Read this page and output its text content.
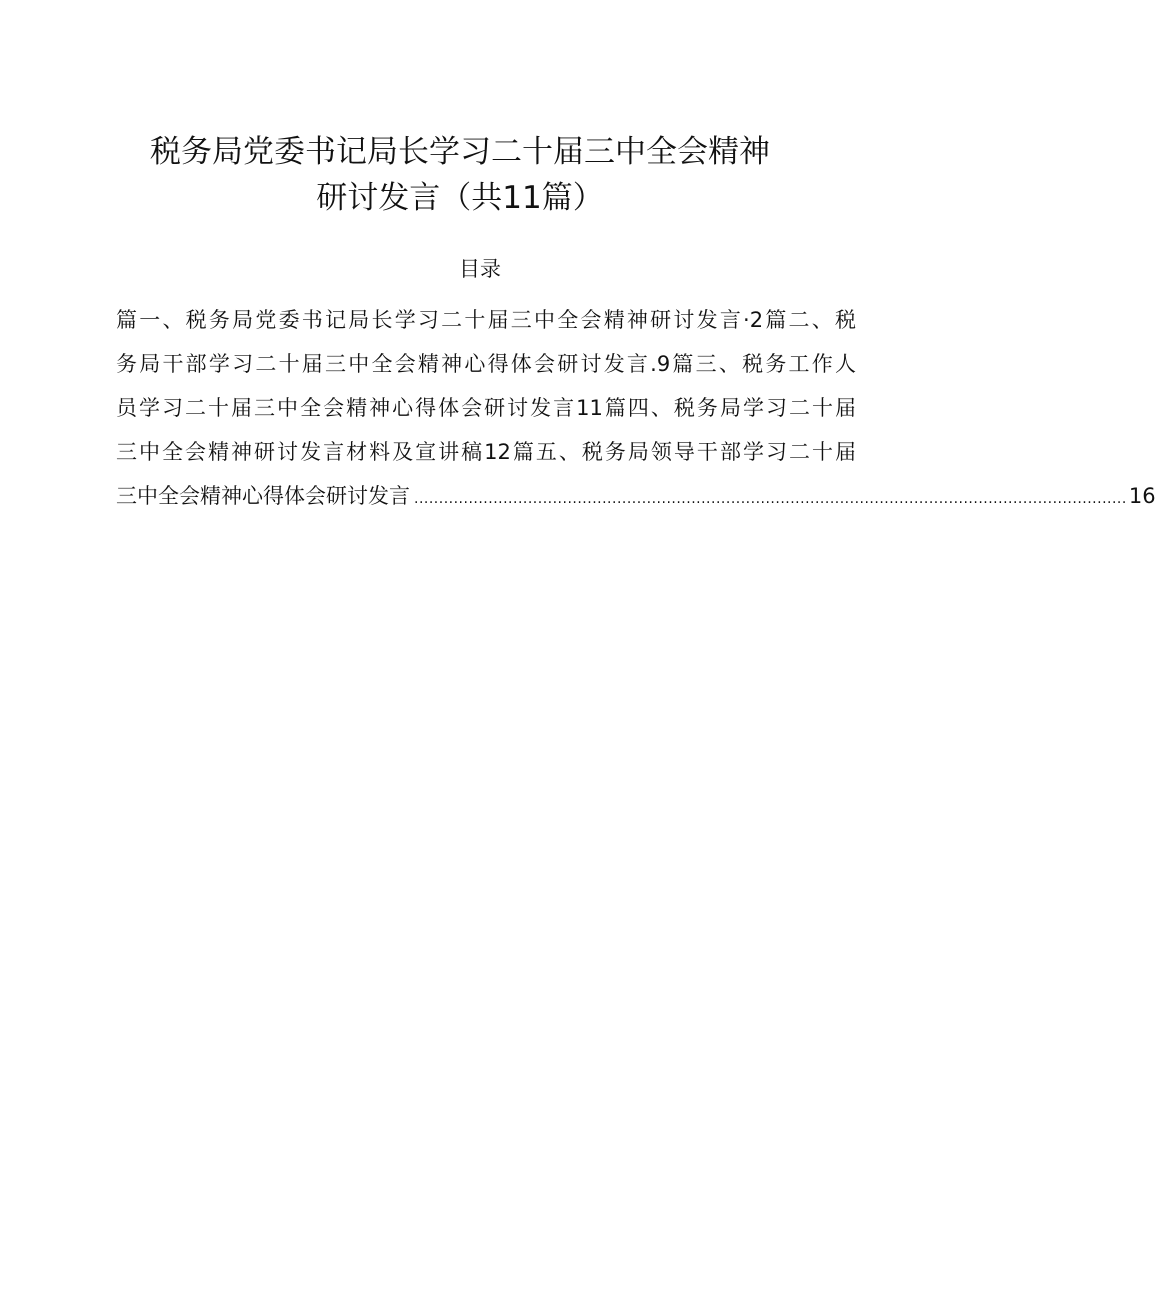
税务局党委书记局长学习二十届三中全会精神
研讨发言（共11篇）
目录
篇一、税务局党委书记局长学习二十届三中全会精神研讨发言·2篇二、税
务局干部学习二十届三中全会精神心得体会研讨发言.9篇三、税务工作人
员学习二十届三中全会精神心得体会研讨发言11篇四、税务局学习二十届
三中全会精神研讨发言材料及宣讲稿12篇五、税务局领导干部学习二十届
三中全会精神心得体会研讨发言 ................................................................................................................................................ 16
